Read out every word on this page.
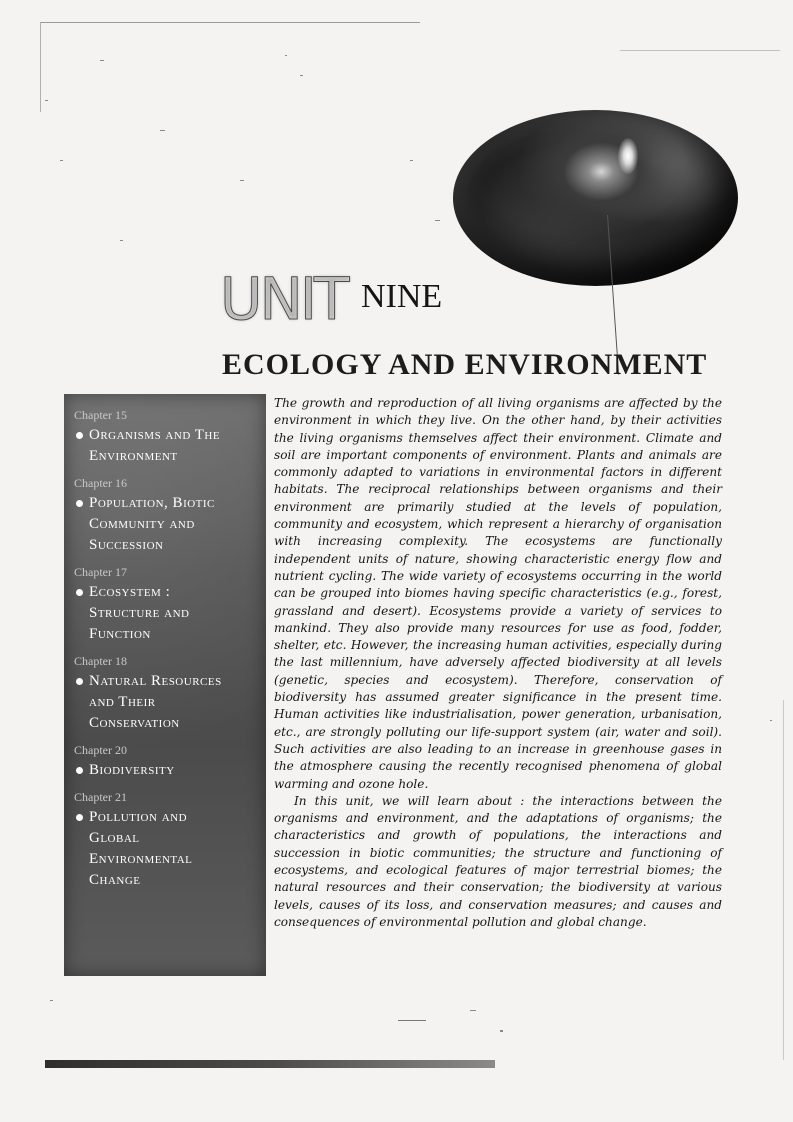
UNIT NINE
ECOLOGY AND ENVIRONMENT
Chapter 15
Organisms and The
Environment
Chapter 16
Population, Biotic
Community and
Succession
Chapter 17
Ecosystem :
Structure and
Function
Chapter 18
Natural Resources
and Their
Conservation
Chapter 20
Biodiversity
Chapter 21
Pollution and
Global
Environmental
Change

The growth and reproduction of all living organisms are affected by the environment in which they live. On the other hand, by their activities the living organisms themselves affect their environment. Climate and soil are important components of environment. Plants and animals are commonly adapted to variations in environmental factors in different habitats. The reciprocal relationships between organisms and their environment are primarily studied at the levels of population, community and ecosystem, which represent a hierarchy of organisation with increasing complexity. The ecosystems are functionally independent units of nature, showing characteristic energy flow and nutrient cycling. The wide variety of ecosystems occurring in the world can be grouped into biomes having specific characteristics (e.g., forest, grassland and desert). Ecosystems provide a variety of services to mankind. They also provide many resources for use as food, fodder, shelter, etc. However, the increasing human activities, especially during the last millennium, have adversely affected biodiversity at all levels (genetic, species and ecosystem). Therefore, conservation of biodiversity has assumed greater significance in the present time. Human activities like industrialisation, power generation, urbanisation, etc., are strongly polluting our life-support system (air, water and soil). Such activities are also leading to an increase in greenhouse gases in the atmosphere causing the recently recognised phenomena of global warming and ozone hole.

In this unit, we will learn about : the interactions between the organisms and environment, and the adaptations of organisms; the characteristics and growth of populations, the interactions and succession in biotic communities; the structure and functioning of ecosystems, and ecological features of major terrestrial biomes; the natural resources and their conservation; the biodiversity at various levels, causes of its loss, and conservation measures; and causes and consequences of environmental pollution and global change.
